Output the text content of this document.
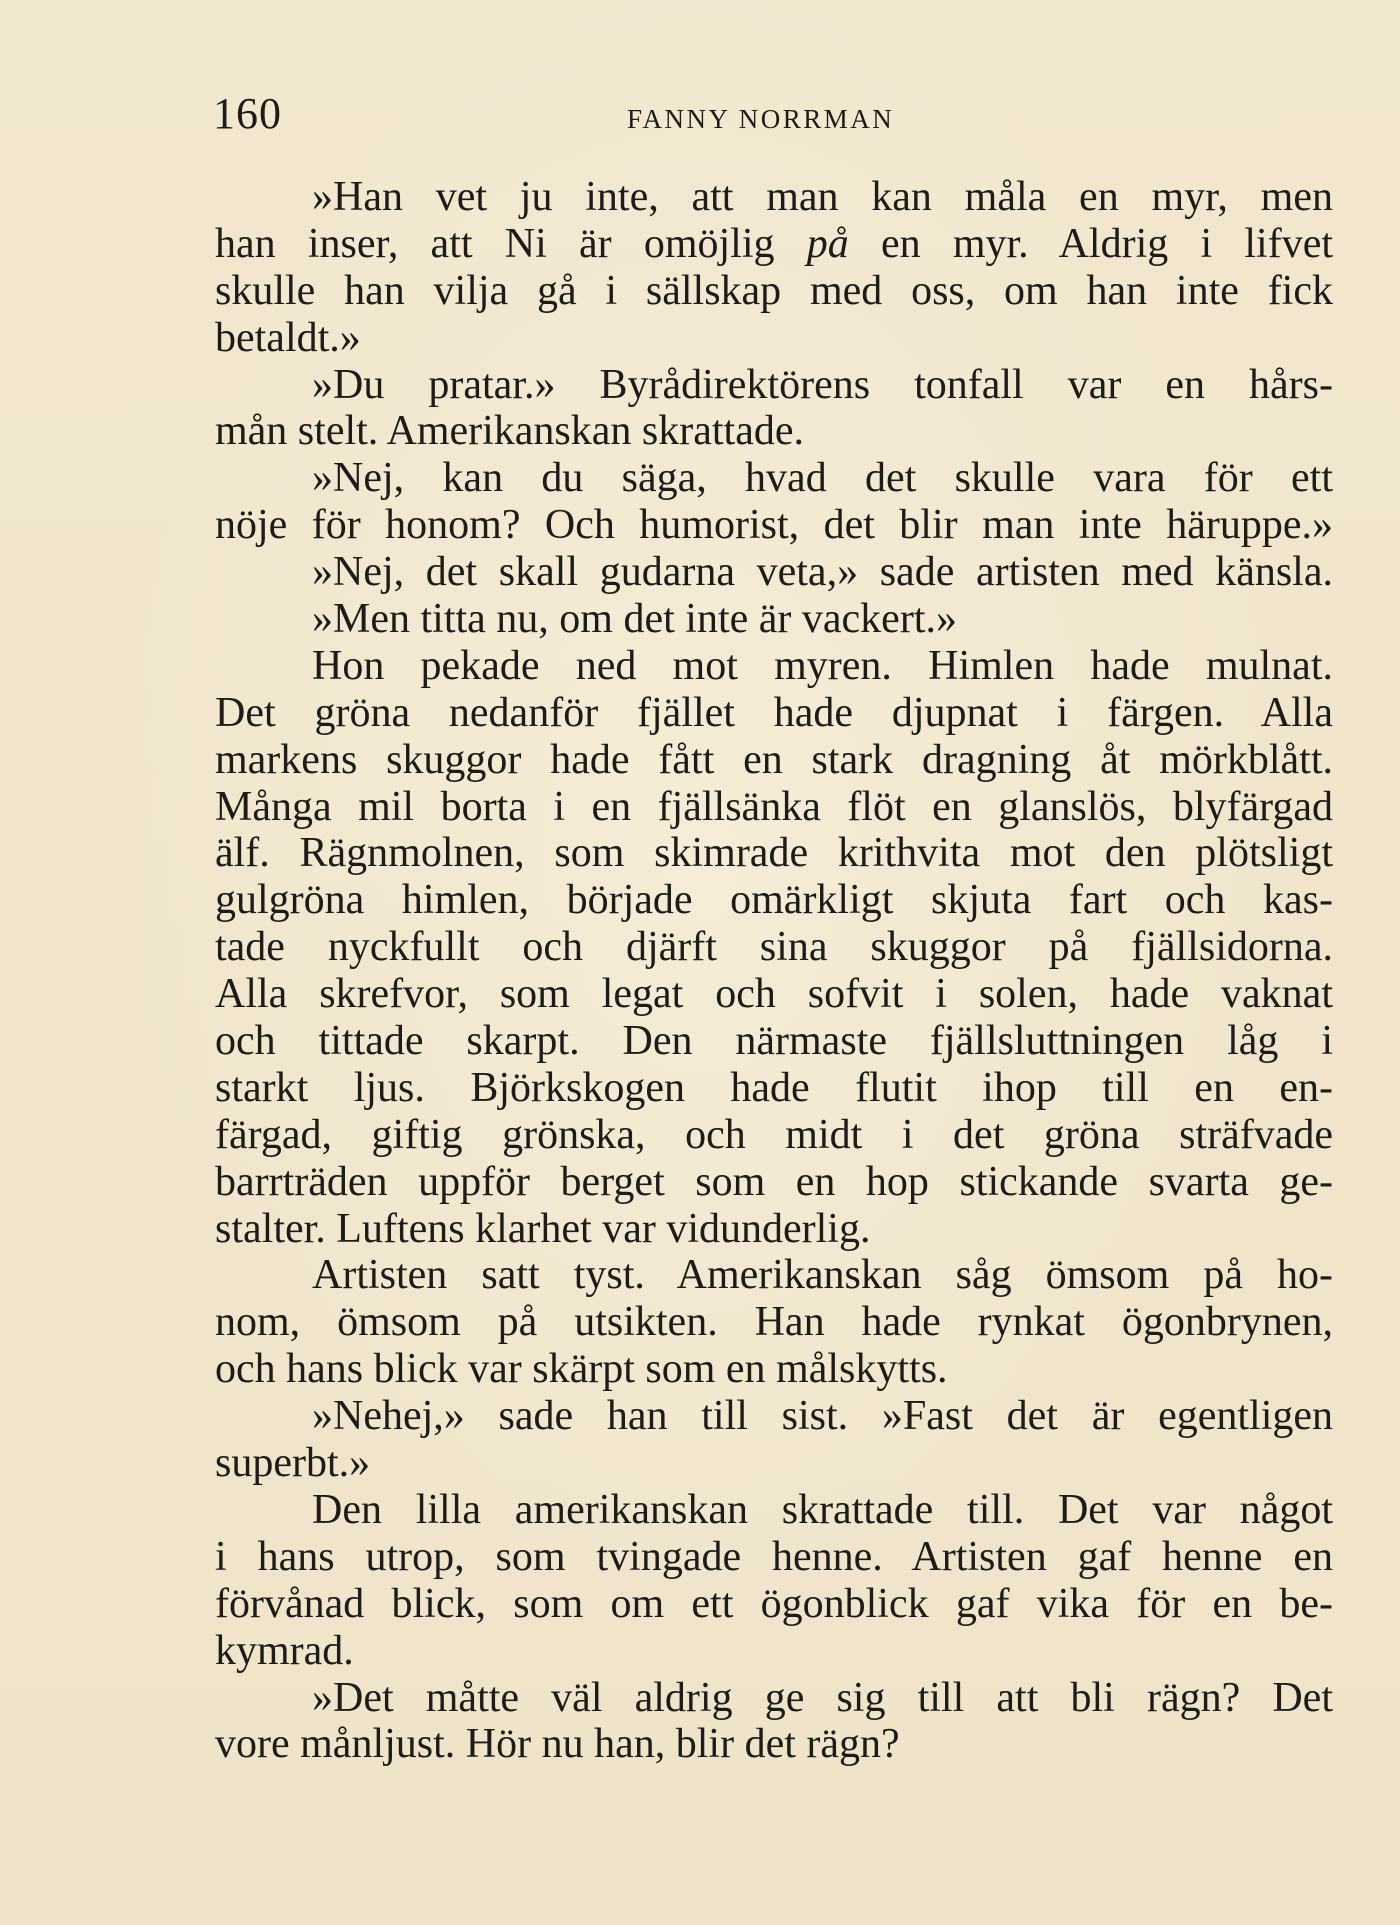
160	FANNY NORRMAN
»Han vet ju inte, att man kan måla en myr, men
han inser, att Ni är omöjlig på en myr. Aldrig i lifvet
skulle han vilja gå i sällskap med oss, om han inte fick
betaldt.»
»Du pratar.» Byrådirektörens tonfall var en hårs-
mån stelt. Amerikanskan skrattade.
»Nej, kan du säga, hvad det skulle vara för ett
nöje för honom? Och humorist, det blir man inte häruppe.»
»Nej, det skall gudarna veta,» sade artisten med känsla.
»Men titta nu, om det inte är vackert.»
Hon pekade ned mot myren. Himlen hade mulnat.
Det gröna nedanför fjället hade djupnat i färgen. Alla
markens skuggor hade fått en stark dragning åt mörkblått.
Många mil borta i en fjällsänka flöt en glanslös, blyfärgad
älf. Rägnmolnen, som skimrade krithvita mot den plötsligt
gulgröna himlen, började omärkligt skjuta fart och kas-
tade nyckfullt och djärft sina skuggor på fjällsidorna.
Alla skrefvor, som legat och sofvit i solen, hade vaknat
och tittade skarpt. Den närmaste fjällsluttningen låg i
starkt ljus. Björkskogen hade flutit ihop till en en-
färgad, giftig grönska, och midt i det gröna sträfvade
barrträden uppför berget som en hop stickande svarta ge-
stalter. Luftens klarhet var vidunderlig.
Artisten satt tyst. Amerikanskan såg ömsom på ho-
nom, ömsom på utsikten. Han hade rynkat ögonbrynen,
och hans blick var skärpt som en målskytts.
»Nehej,» sade han till sist. »Fast det är egentligen
superbt.»
Den lilla amerikanskan skrattade till. Det var något
i hans utrop, som tvingade henne. Artisten gaf henne en
förvånad blick, som om ett ögonblick gaf vika för en be-
kymrad.
»Det måtte väl aldrig ge sig till att bli rägn? Det
vore månljust. Hör nu han, blir det rägn?
